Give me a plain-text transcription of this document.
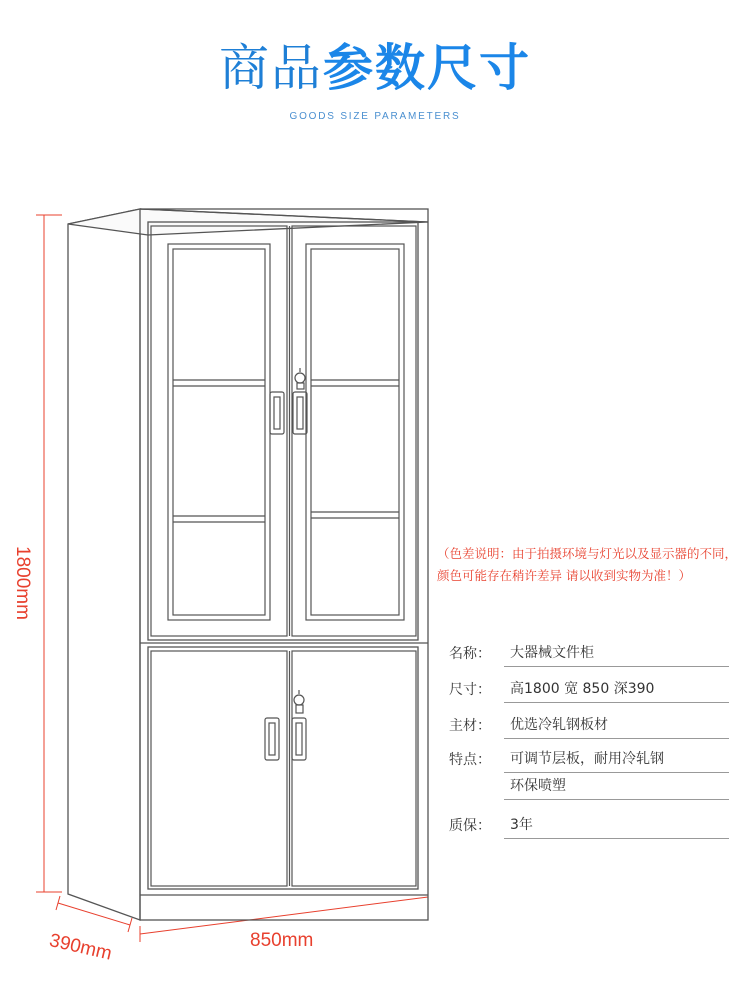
商品参数尺寸
GOODS SIZE PARAMETERS
1800mm
390mm	850mm
（色差说明：由于拍摄环境与灯光以及显示器的不同，颜色可能存在稍许差异 请以收到实物为准！）
名称：	大器械文件柜
尺寸：	高1800 宽 850 深390
主材：	优选冷轧钢板材
特点：	可调节层板，耐用冷轧钢
环保喷塑
质保：	3年
